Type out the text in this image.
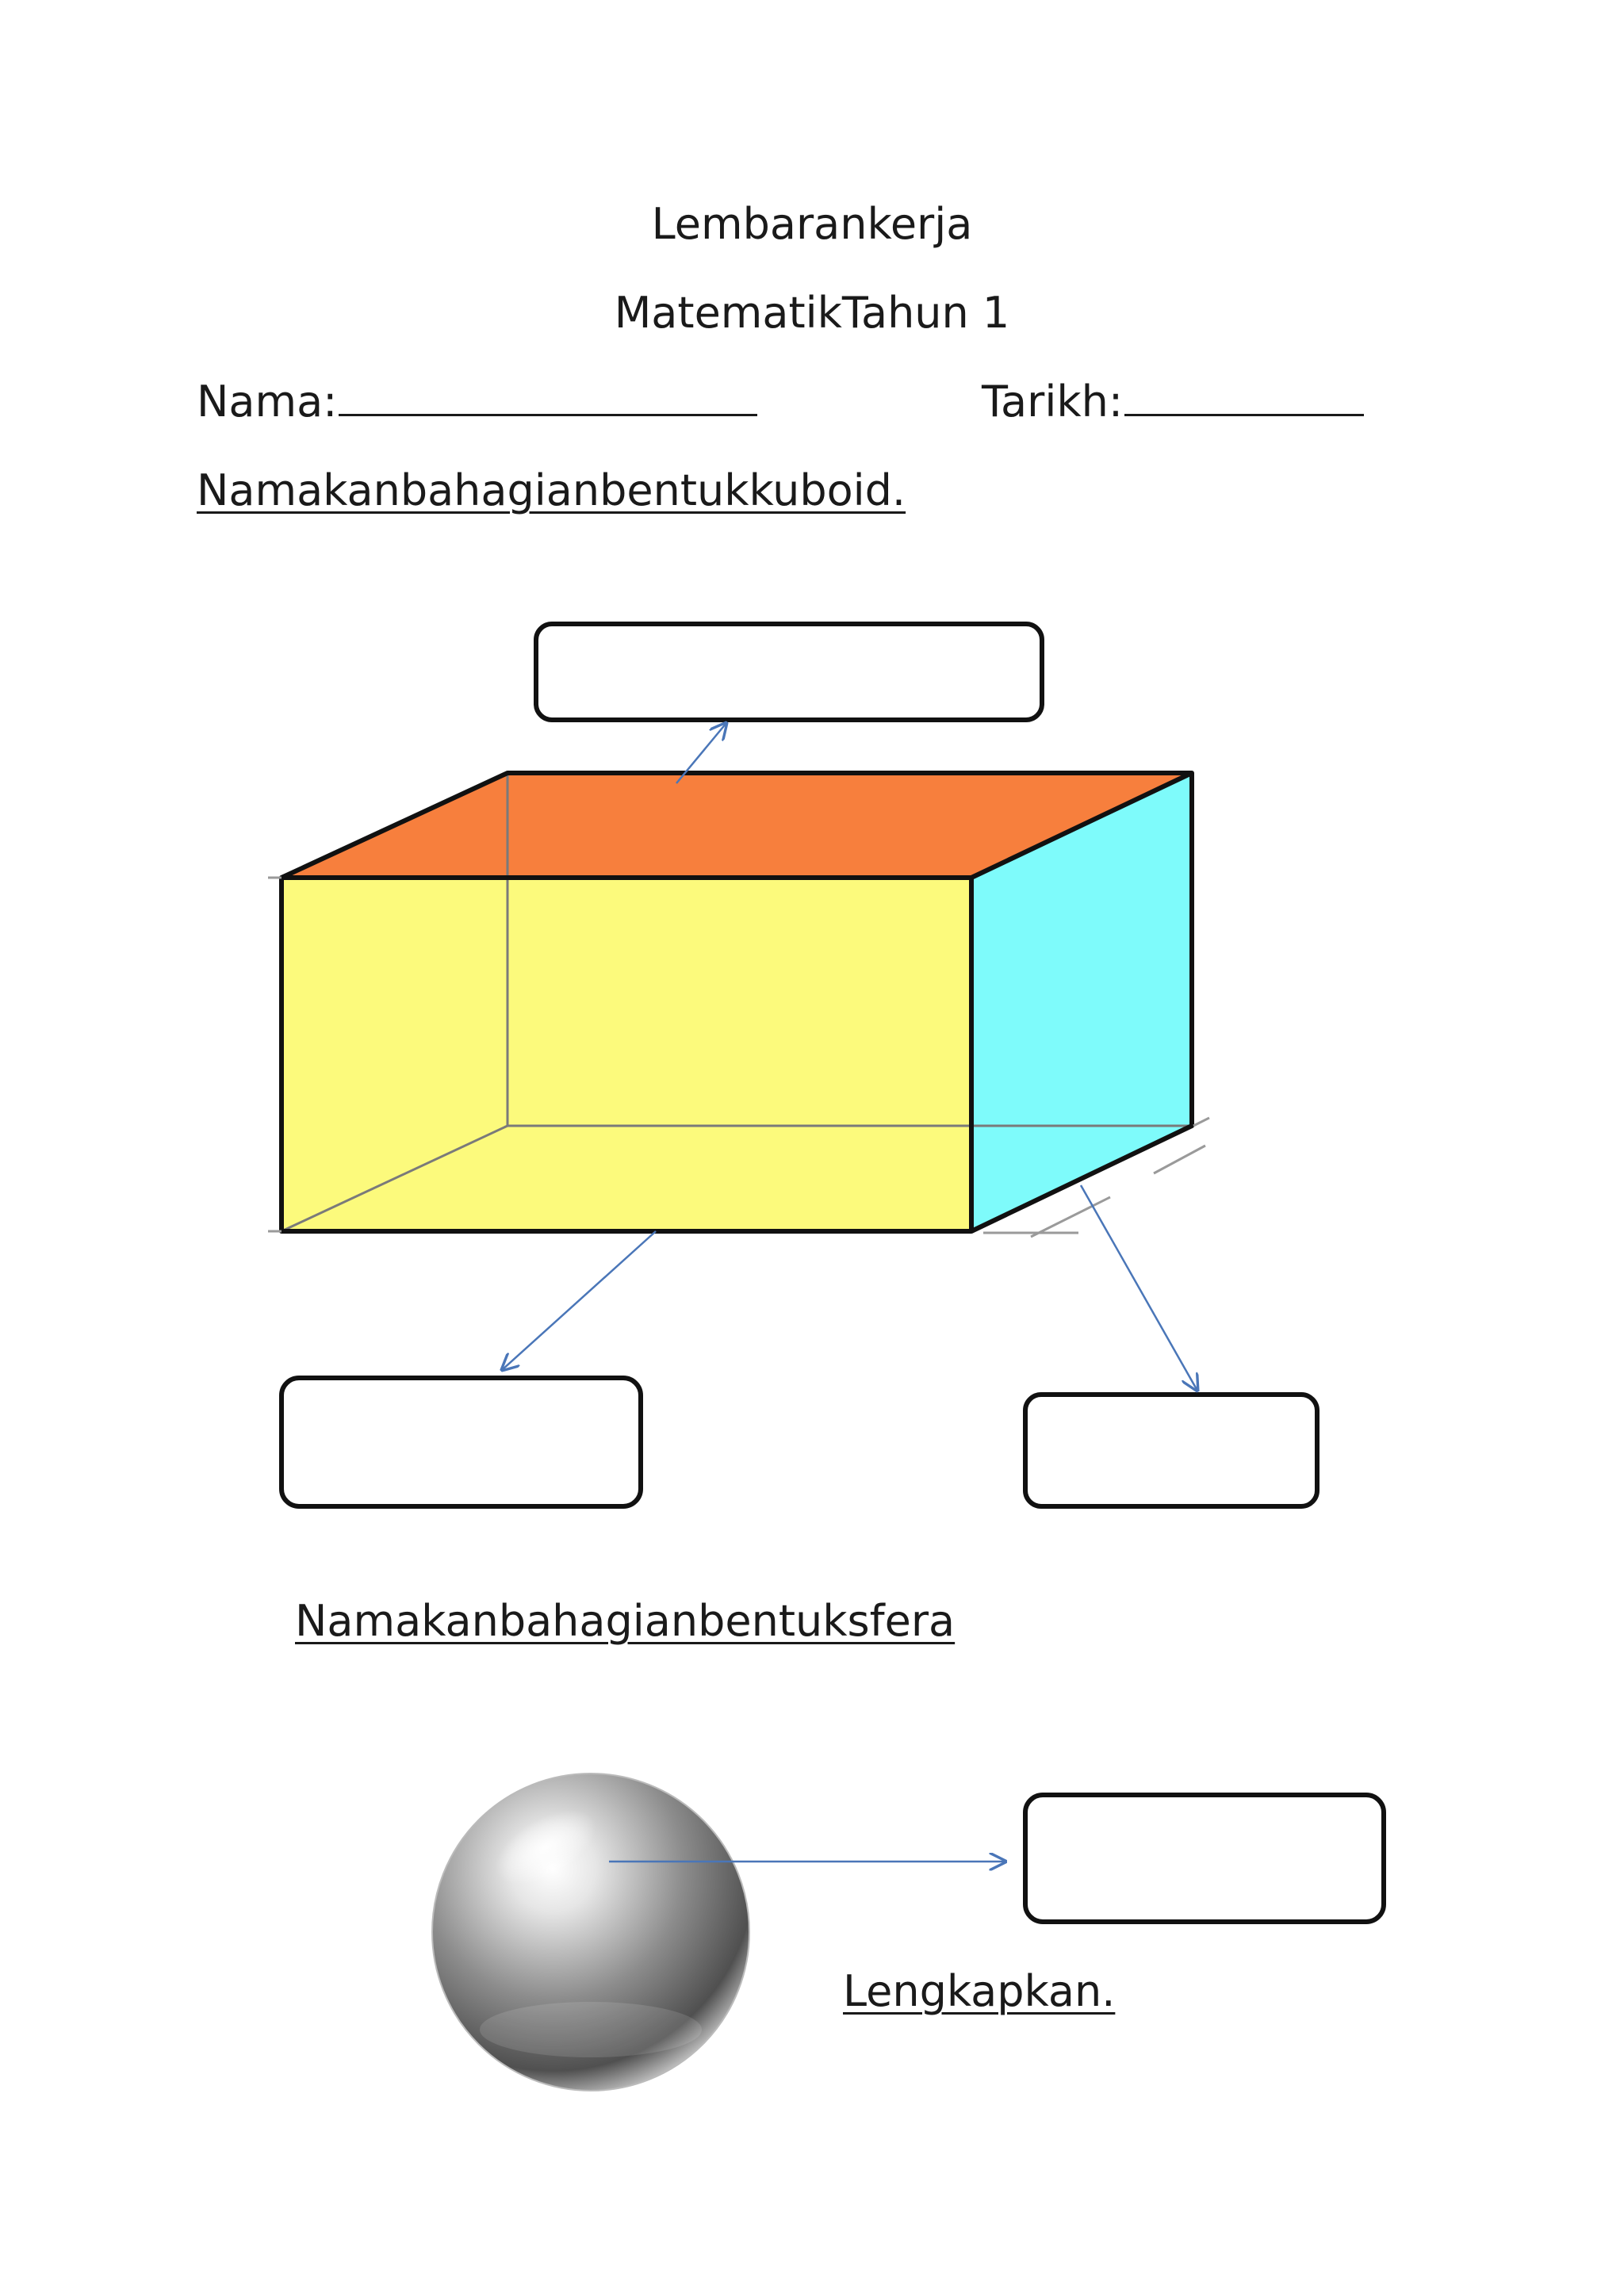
Lembarankerja
MatematikTahun 1
Nama:	Tarikh:
Namakanbahagianbentukkuboid.
Namakanbahagianbentuksfera
Lengkapkan.
